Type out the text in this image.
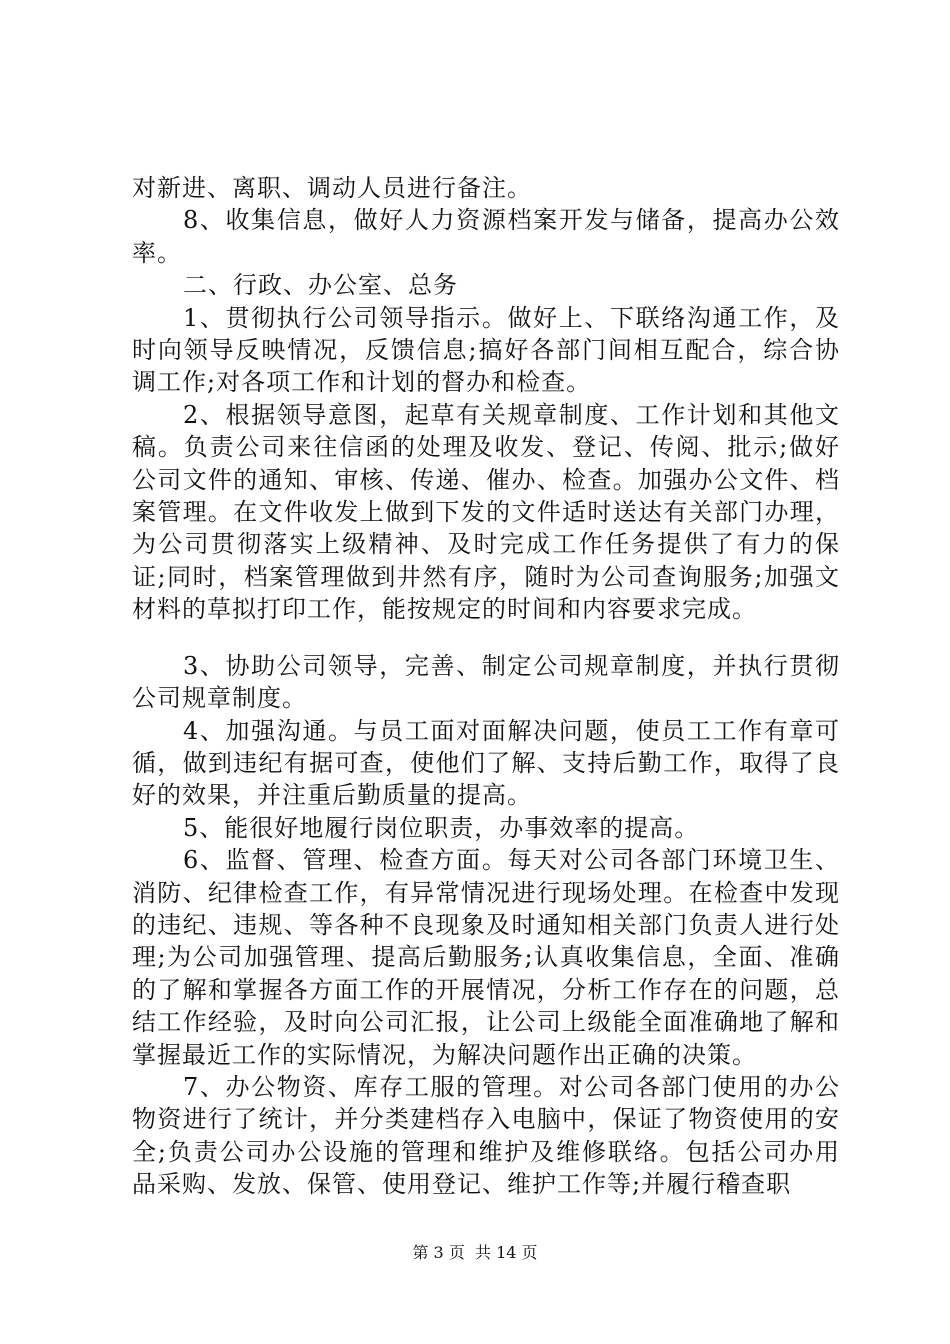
对新进、离职、调动人员进行备注。

8、收集信息，做好人力资源档案开发与储备，提高办公效率。

二、行政、办公室、总务

1、贯彻执行公司领导指示。做好上、下联络沟通工作，及时向领导反映情况，反馈信息;搞好各部门间相互配合，综合协调工作;对各项工作和计划的督办和检查。

2、根据领导意图，起草有关规章制度、工作计划和其他文稿。负责公司来往信函的处理及收发、登记、传阅、批示;做好公司文件的通知、审核、传递、催办、检查。加强办公文件、档案管理。在文件收发上做到下发的文件适时送达有关部门办理，为公司贯彻落实上级精神、及时完成工作任务提供了有力的保证;同时，档案管理做到井然有序，随时为公司查询服务;加强文材料的草拟打印工作，能按规定的时间和内容要求完成。

3、协助公司领导，完善、制定公司规章制度，并执行贯彻公司规章制度。

4、加强沟通。与员工面对面解决问题，使员工工作有章可循，做到违纪有据可查，使他们了解、支持后勤工作，取得了良好的效果，并注重后勤质量的提高。

5、能很好地履行岗位职责，办事效率的提高。

6、监督、管理、检查方面。每天对公司各部门环境卫生、消防、纪律检查工作，有异常情况进行现场处理。在检查中发现的违纪、违规、等各种不良现象及时通知相关部门负责人进行处理;为公司加强管理、提高后勤服务;认真收集信息，全面、准确的了解和掌握各方面工作的开展情况，分析工作存在的问题，总结工作经验，及时向公司汇报，让公司上级能全面准确地了解和掌握最近工作的实际情况，为解决问题作出正确的决策。

7、办公物资、库存工服的管理。对公司各部门使用的办公物资进行了统计，并分类建档存入电脑中，保证了物资使用的安全;负责公司办公设施的管理和维护及维修联络。包括公司办用品采购、发放、保管、使用登记、维护工作等;并履行稽查职

第 3 页  共 14 页
